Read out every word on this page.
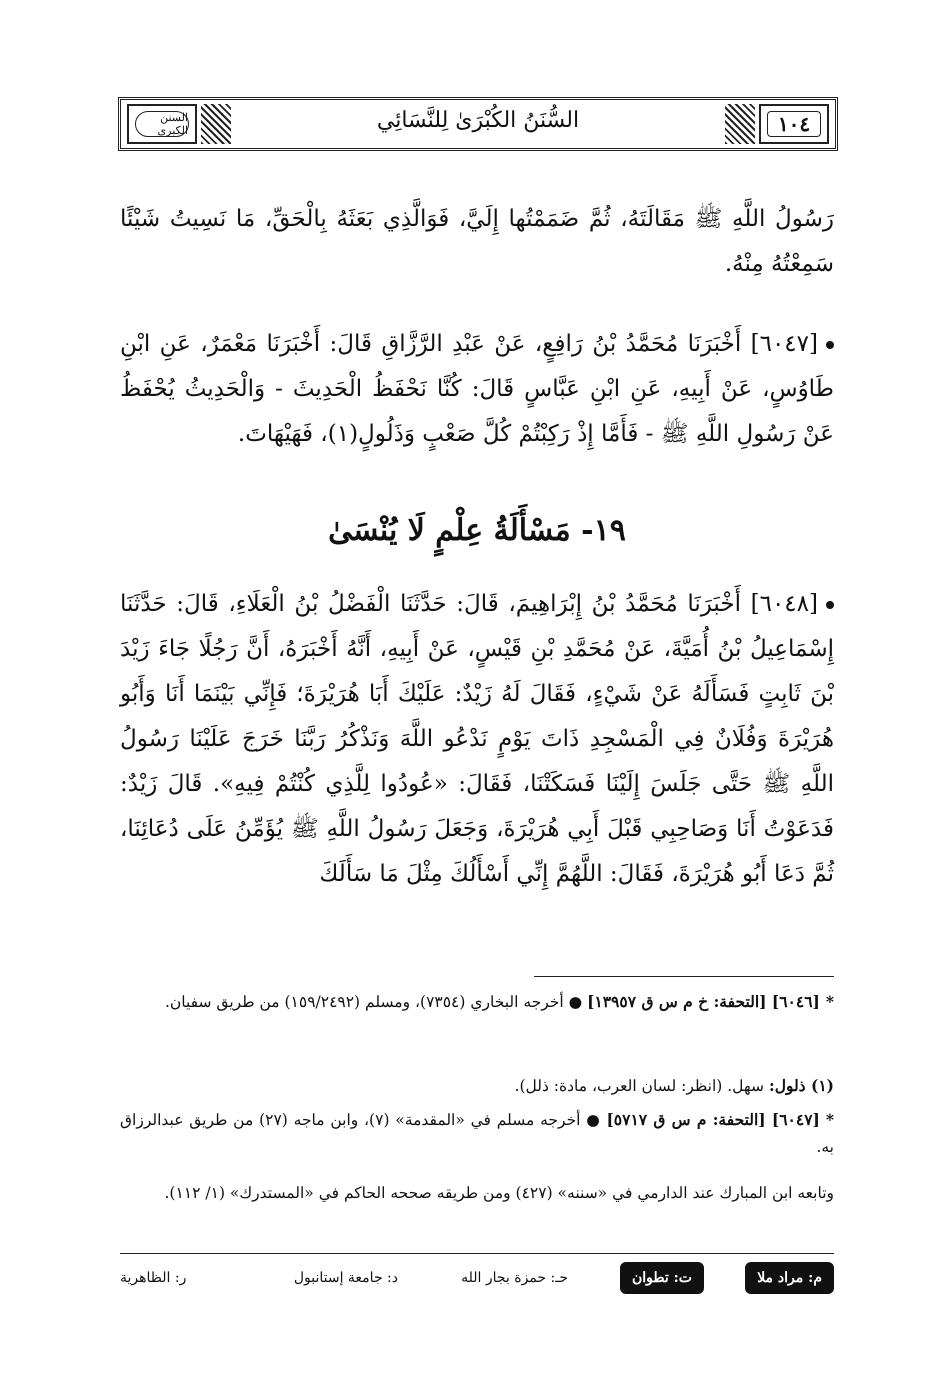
السنن الكبرى	السُّنَنُ الكُبْرَىٰ لِلنَّسَائِي	١٠٤
رَسُولُ اللَّهِ ﷺ مَقَالَتَهُ، ثُمَّ ضَمَمْتُها إِلَيَّ، فَوَالَّذِي بَعَثَهُ بِالْحَقِّ، مَا نَسِيتُ شَيْئًا سَمِعْتُهُ مِنْهُ.
[٦٠٤٧] أَخْبَرَنَا مُحَمَّدُ بْنُ رَافِعٍ، عَنْ عَبْدِ الرَّزَّاقِ قَالَ: أَخْبَرَنَا مَعْمَرٌ، عَنِ ابْنِ طَاوُسٍ، عَنْ أَبِيهِ، عَنِ ابْنِ عَبَّاسٍ قَالَ: كُنَّا نَحْفَظُ الْحَدِيثَ - وَالْحَدِيثُ يُحْفَظُ عَنْ رَسُولِ اللَّهِ ﷺ - فَأَمَّا إِذْ رَكِبْتُمْ كُلَّ صَعْبٍ وَذَلُولٍ(١)، فَهَيْهَاتَ.
١٩- مَسْأَلَةُ عِلْمٍ لَا يُنْسَىٰ
[٦٠٤٨] أَخْبَرَنَا مُحَمَّدُ بْنُ إِبْرَاهِيمَ، قَالَ: حَدَّثَنَا الْفَضْلُ بْنُ الْعَلَاءِ، قَالَ: حَدَّثَنَا إِسْمَاعِيلُ بْنُ أُمَيَّةَ، عَنْ مُحَمَّدِ بْنِ قَيْسٍ، عَنْ أَبِيهِ، أَنَّهُ أَخْبَرَهُ، أَنَّ رَجُلًا جَاءَ زَيْدَ بْنَ ثَابِتٍ فَسَأَلَهُ عَنْ شَيْءٍ، فَقَالَ لَهُ زَيْدٌ: عَلَيْكَ أَبَا هُرَيْرَةَ؛ فَإِنِّي بَيْنَمَا أَنَا وَأَبُو هُرَيْرَةَ وَفُلَانٌ فِي الْمَسْجِدِ ذَاتَ يَوْمٍ نَدْعُو اللَّهَ وَنَذْكُرُ رَبَّنَا خَرَجَ عَلَيْنَا رَسُولُ اللَّهِ ﷺ حَتَّى جَلَسَ إِلَيْنَا فَسَكَتْنَا، فَقَالَ: «عُودُوا لِلَّذِي كُنْتُمْ فِيهِ». قَالَ زَيْدٌ: فَدَعَوْتُ أَنَا وَصَاحِبِي قَبْلَ أَبِي هُرَيْرَةَ، وَجَعَلَ رَسُولُ اللَّهِ ﷺ يُؤَمِّنُ عَلَى دُعَائِنَا، ثُمَّ دَعَا أَبُو هُرَيْرَةَ، فَقَالَ: اللَّهُمَّ إِنِّي أَسْأَلُكَ مِثْلَ مَا سَأَلَكَ
*[٦٠٤٦] [التحفة: خ م س ق ١٣٩٥٧] ● أخرجه البخاري (٧٣٥٤)، ومسلم (١٥٩/٢٤٩٢) من طريق سفيان.
(١) ذلول: سهل. (انظر: لسان العرب، مادة: ذلل).
*[٦٠٤٧] [التحفة: م س ق ٥٧١٧] ● أخرجه مسلم في «المقدمة» (٧)، وابن ماجه (٢٧) من طريق عبدالرزاق به.
وتابعه ابن المبارك عند الدارمي في «سننه» (٤٢٧) ومن طريقه صححه الحاكم في «المستدرك» (١/ ١١٢).
م: مراد ملا
ت: تطوان
حـ: حمزة بجار الله
د: جامعة إستانبول
ر: الظاهرية
